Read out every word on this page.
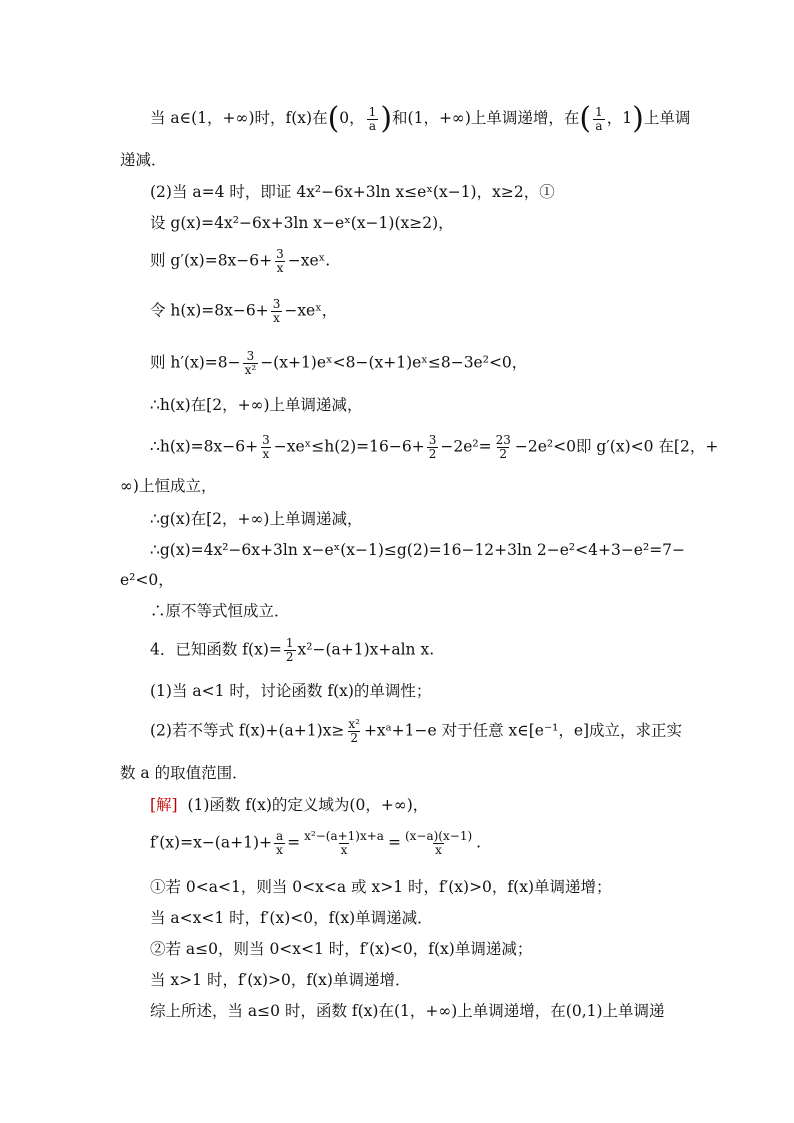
当 a∈(1，+∞)时，f(x)在(0， $\frac{1}{a}$ )和(1，+∞)上单调递增，在( $\frac{1}{a}$ ，1)上单调
递减．
(2)当 a=4 时，即证 4x²−6x+3ln x≤eˣ(x−1)，x≥2，①
设 g(x)=4x²−6x+3ln x−eˣ(x−1)(x≥2)，
则 $g'(x)=8x-6+ \frac{3}{x}$ −xeˣ.
令 $h(x)=8x-6+ \frac{3}{x}$ −xeˣ，
则 $h'(x)=8- \frac{3}{\text{x²}}$ −(x+1)eˣ<8−(x+1)eˣ≤8−3e²<0，
∴h(x)在[2，+∞)上单调递减，
∴h(x)=8x−6+ $\frac{3}{x}$ −xeˣ≤h(2)=16−6+ $\frac{3}{2} -2e^2= \frac{23}{2} -2e^2<0$即 g′(x)<0 在[2，+
∞)上恒成立，
∴g(x)在[2，+∞)上单调递减，
∴g(x)=4x²−6x+3ln x−eˣ(x−1)≤g(2)=16−12+3ln 2−e²<4+3−e²=7−
e²<0，
∴原不等式恒成立．
4．已知函数 $f(x)= \frac{1}{2} x^2-(a+1)x+aln$ x.
(1)当 a<1 时，讨论函数 f(x)的单调性；
(2)若不等式 $f(x)+(a+1)x\ge \frac{\text{x²}}{2}$ +xᵃ+1−e 对于任意 x∈[e⁻¹，e]成立，求正实
数 a 的取值范围．
[解] (1)函数 f(x)的定义域为(0，+∞)，
$f'(x)=x-(a+1)+ \frac{a}{x} = \frac{\text{x²−(a+1)x+a}}{x} = \frac{(x-a)(x-1)}{x}$ .
①若 0<a<1，则当 0<x<a 或 x>1 时，f′(x)>0，f(x)单调递增；
当 a<x<1 时，f′(x)<0，f(x)单调递减．
②若 a≤0，则当 0<x<1 时，f′(x)<0，f(x)单调递减；
当 x>1 时，f′(x)>0，f(x)单调递增．
综上所述，当 a≤0 时，函数 f(x)在(1，+∞)上单调递增，在(0,1)上单调递
